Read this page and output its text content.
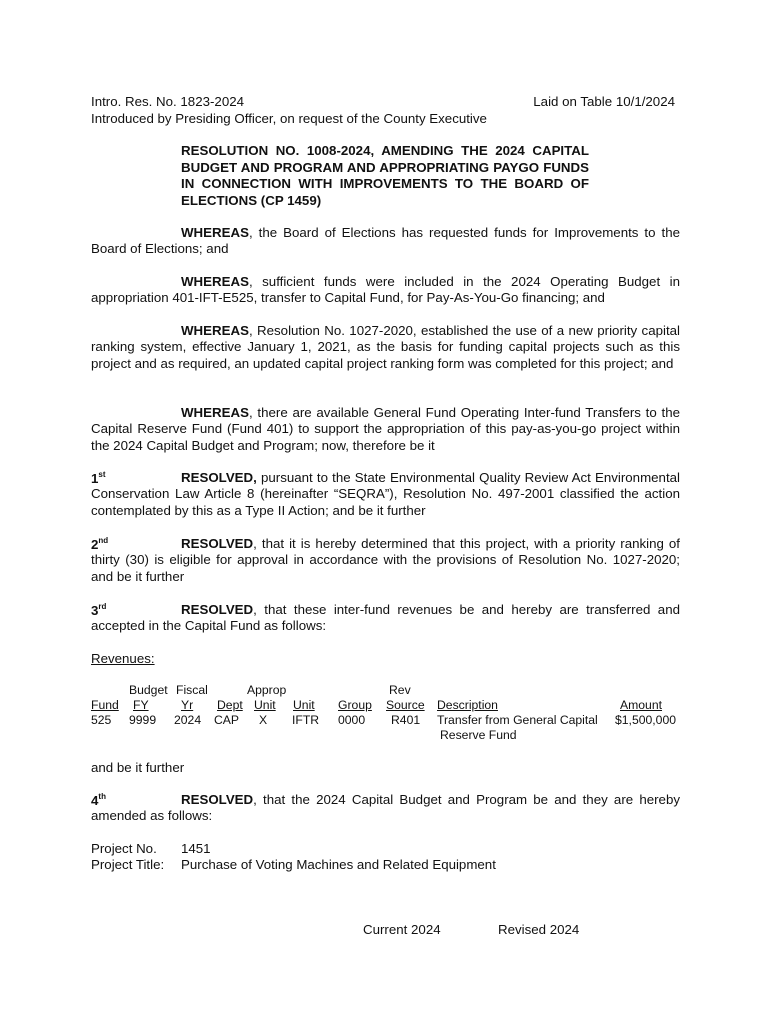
Intro. Res. No. 1823-2024	Laid on Table 10/1/2024
Introduced by Presiding Officer, on request of the County Executive
RESOLUTION NO. 1008-2024, AMENDING THE 2024 CAPITAL BUDGET AND PROGRAM AND APPROPRIATING PAYGO FUNDS IN CONNECTION WITH IMPROVEMENTS TO THE BOARD OF ELECTIONS (CP 1459)
WHEREAS, the Board of Elections has requested funds for Improvements to the Board of Elections; and
WHEREAS, sufficient funds were included in the 2024 Operating Budget in appropriation 401-IFT-E525, transfer to Capital Fund, for Pay-As-You-Go financing; and
WHEREAS, Resolution No. 1027-2020, established the use of a new priority capital ranking system, effective January 1, 2021, as the basis for funding capital projects such as this project and as required, an updated capital project ranking form was completed for this project; and
WHEREAS, there are available General Fund Operating Inter-fund Transfers to the Capital Reserve Fund (Fund 401) to support the appropriation of this pay-as-you-go project within the 2024 Capital Budget and Program; now, therefore be it
1st	RESOLVED, pursuant to the State Environmental Quality Review Act Environmental Conservation Law Article 8 (hereinafter “SEQRA”), Resolution No. 497-2001 classified the action contemplated by this as a Type II Action; and be it further
2nd	RESOLVED, that it is hereby determined that this project, with a priority ranking of thirty (30) is eligible for approval in accordance with the provisions of Resolution No. 1027-2020; and be it further
3rd	RESOLVED, that these inter-fund revenues be and hereby are transferred and accepted in the Capital Fund as follows:
Revenues:
Budget Fiscal	Approp	Rev
Fund FY	Yr Dept Unit Unit Group Source Description	Amount
525 9999 2024 CAP X IFTR 0000 R401 Transfer from General Capital
Reserve Fund
$1,500,000
and be it further
4th	RESOLVED, that the 2024 Capital Budget and Program be and they are hereby amended as follows:
Project No. 1451
Project Title: Purchase of Voting Machines and Related Equipment
Current 2024	Revised 2024
